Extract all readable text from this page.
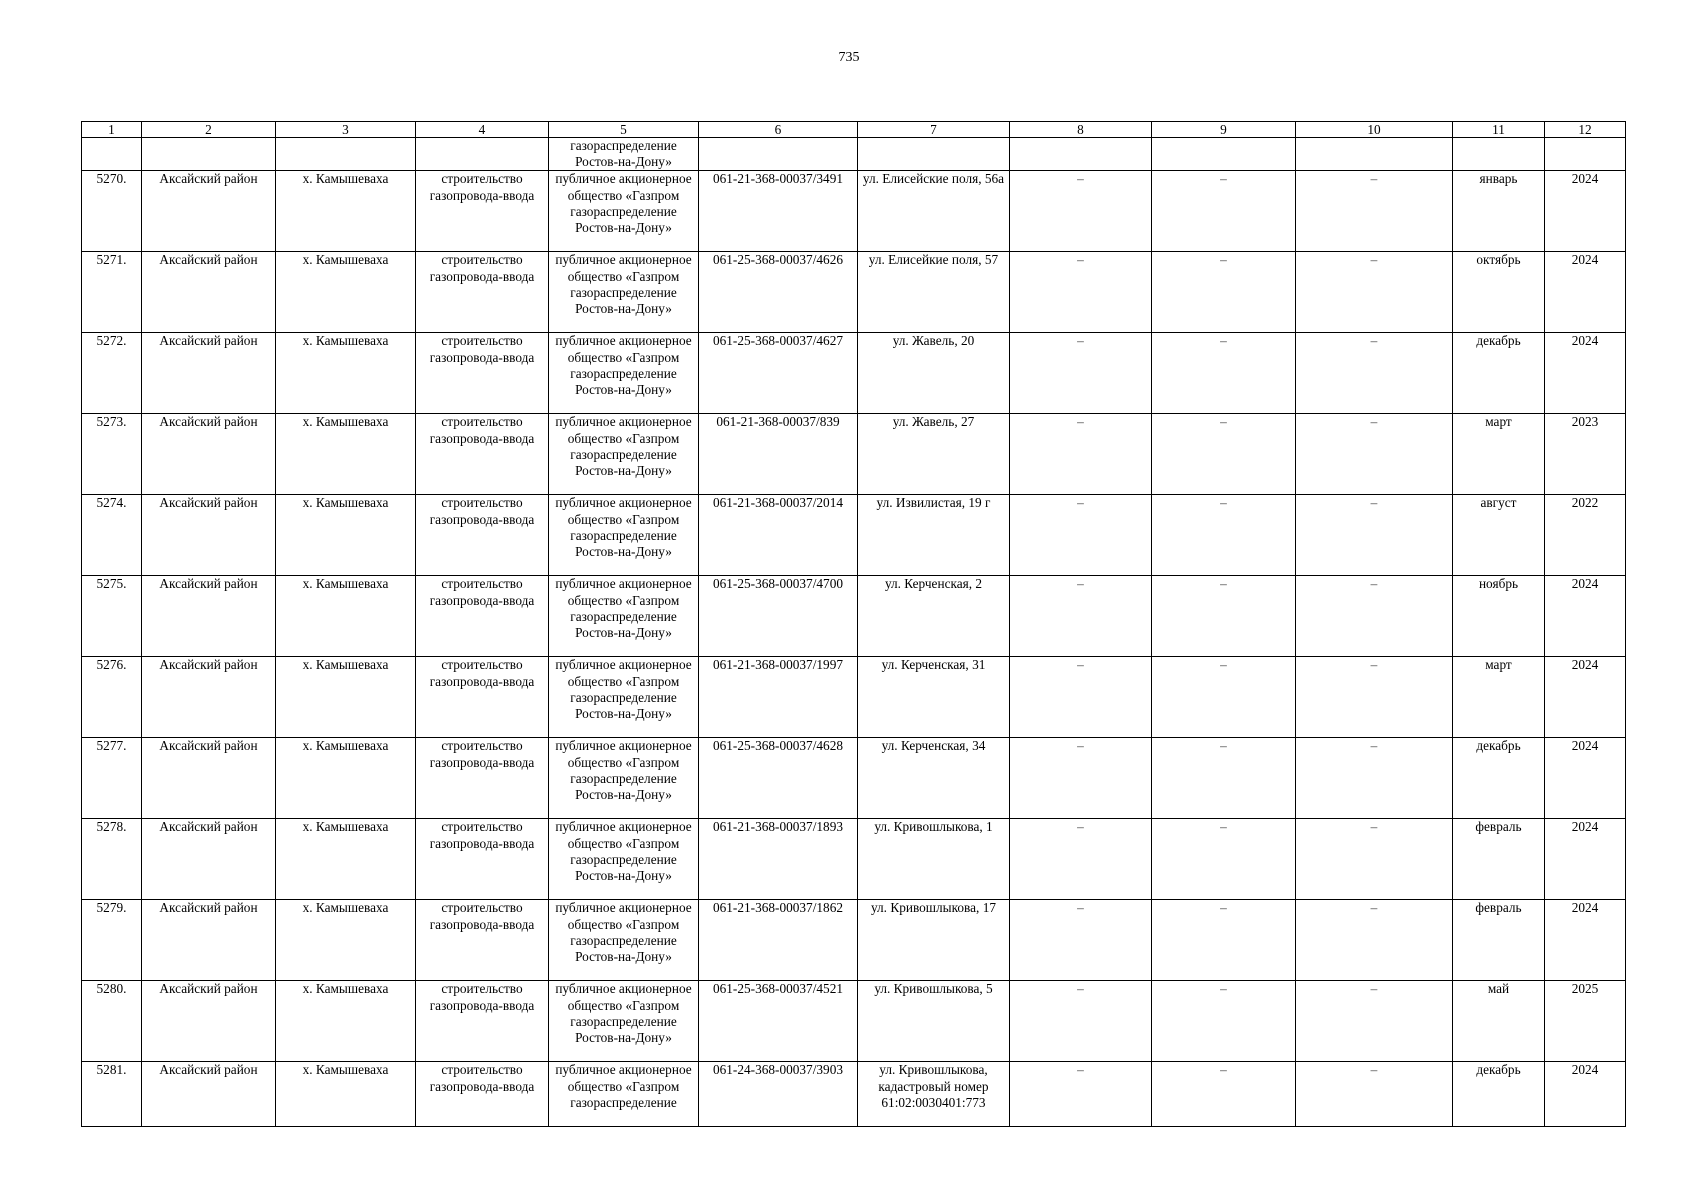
735
1	2	3	4	5	6	7	8	9	10	11	12
				газораспределение Ростов-на-Дону»							
5270.	Аксайский район	х. Камышеваха	строительство газопровода-ввода	публичное акционерное общество «Газпром газораспределение Ростов-на-Дону»	061-21-368-00037/3491	ул. Елисейские поля, 56а	–	–	–	январь	2024
5271.	Аксайский район	х. Камышеваха	строительство газопровода-ввода	публичное акционерное общество «Газпром газораспределение Ростов-на-Дону»	061-25-368-00037/4626	ул. Елисейкие поля, 57	–	–	–	октябрь	2024
5272.	Аксайский район	х. Камышеваха	строительство газопровода-ввода	публичное акционерное общество «Газпром газораспределение Ростов-на-Дону»	061-25-368-00037/4627	ул. Жавель, 20	–	–	–	декабрь	2024
5273.	Аксайский район	х. Камышеваха	строительство газопровода-ввода	публичное акционерное общество «Газпром газораспределение Ростов-на-Дону»	061-21-368-00037/839	ул. Жавель, 27	–	–	–	март	2023
5274.	Аксайский район	х. Камышеваха	строительство газопровода-ввода	публичное акционерное общество «Газпром газораспределение Ростов-на-Дону»	061-21-368-00037/2014	ул. Извилистая, 19 г	–	–	–	август	2022
5275.	Аксайский район	х. Камышеваха	строительство газопровода-ввода	публичное акционерное общество «Газпром газораспределение Ростов-на-Дону»	061-25-368-00037/4700	ул. Керченская, 2	–	–	–	ноябрь	2024
5276.	Аксайский район	х. Камышеваха	строительство газопровода-ввода	публичное акционерное общество «Газпром газораспределение Ростов-на-Дону»	061-21-368-00037/1997	ул. Керченская, 31	–	–	–	март	2024
5277.	Аксайский район	х. Камышеваха	строительство газопровода-ввода	публичное акционерное общество «Газпром газораспределение Ростов-на-Дону»	061-25-368-00037/4628	ул. Керченская, 34	–	–	–	декабрь	2024
5278.	Аксайский район	х. Камышеваха	строительство газопровода-ввода	публичное акционерное общество «Газпром газораспределение Ростов-на-Дону»	061-21-368-00037/1893	ул. Кривошлыкова, 1	–	–	–	февраль	2024
5279.	Аксайский район	х. Камышеваха	строительство газопровода-ввода	публичное акционерное общество «Газпром газораспределение Ростов-на-Дону»	061-21-368-00037/1862	ул. Кривошлыкова, 17	–	–	–	февраль	2024
5280.	Аксайский район	х. Камышеваха	строительство газопровода-ввода	публичное акционерное общество «Газпром газораспределение Ростов-на-Дону»	061-25-368-00037/4521	ул. Кривошлыкова, 5	–	–	–	май	2025
5281.	Аксайский район	х. Камышеваха	строительство газопровода-ввода	публичное акционерное общество «Газпром газораспределение	061-24-368-00037/3903	ул. Кривошлыкова, кадастровый номер 61:02:0030401:773	–	–	–	декабрь	2024
